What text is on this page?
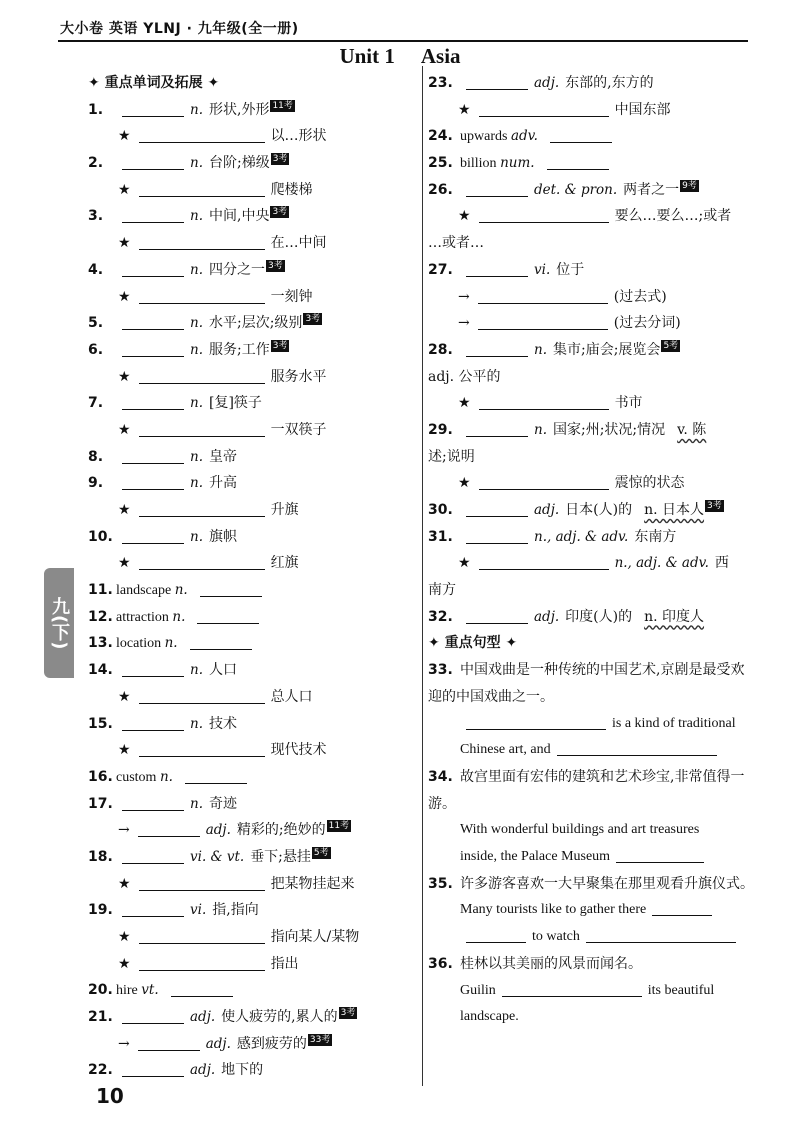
大小卷 英语 YLNJ · 九年级(全一册)
Unit 1 Asia
九(下)
10
✦ 重点单词及拓展 ✦
1.	n. 形状,外形 11考
★	以…形状
2.	n. 台阶;梯级 3考
★	爬楼梯
3.	n. 中间,中央 3考
★	在…中间
4.	n. 四分之一 3考
★	一刻钟
5.	n. 水平;层次;级别 3考
6.	n. 服务;工作 3考
★	服务水平
7.	n. [复]筷子
★	一双筷子
8.	n. 皇帝
9.	n. 升高
★	升旗
10.	n. 旗帜
★	红旗
11. landscape n.
12. attraction n.
13. location n.
14.	n. 人口
★	总人口
15.	n. 技术
★	现代技术
16. custom n.
17.	n. 奇迹
→	adj. 精彩的;绝妙的 11考
18.	vi. & vt. 垂下;悬挂 5考
★	把某物挂起来
19.	vi. 指,指向
★	指向某人/某物
★	指出
20. hire vt.
21.	adj. 使人疲劳的,累人的 3考
→	adj. 感到疲劳的 33考
22.	adj. 地下的
23.	adj. 东部的,东方的
★	中国东部
24. upwards adv.
25. billion num.
26.	det. & pron. 两者之一 9考
★	要么…要么…;或者
…或者…
27.	vi. 位于
→	(过去式)
→	(过去分词)
28.	n. 集市;庙会;展览会 5考
adj. 公平的
★	书市
29.	n. 国家;州;状况;情况 v. 陈
述;说明
★	震惊的状态
30.	adj. 日本(人)的 n. 日本人 3考
31.	n., adj. & adv. 东南方
★	n., adj. & adv. 西
南方
32.	adj. 印度(人)的 n. 印度人
✦ 重点句型 ✦
33. 中国戏曲是一种传统的中国艺术,京剧是最受欢迎的中国戏曲之一。
is a kind of traditional
Chinese art, and
34. 故宫里面有宏伟的建筑和艺术珍宝,非常值得一游。
With wonderful buildings and art treasures
inside, the Palace Museum
35. 许多游客喜欢一大早聚集在那里观看升旗仪式。
Many tourists like to gather there
to watch
36. 桂林以其美丽的风景而闻名。
Guilin	its beautiful
landscape.
